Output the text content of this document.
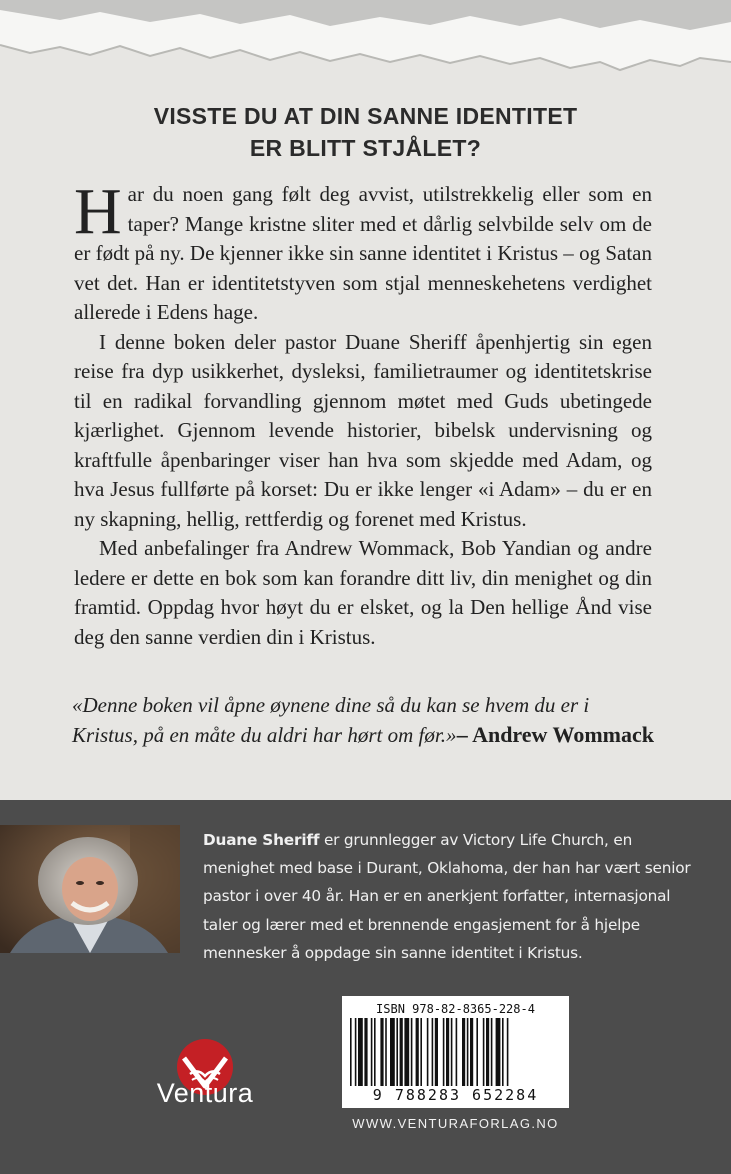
VISSTE DU AT DIN SANNE IDENTITET
ER BLITT STJÅLET?

Har du noen gang følt deg avvist, utilstrekkelig eller som en taper? Mange kristne sliter med et dårlig selvbilde selv om de er født på ny. De kjenner ikke sin sanne identitet i Kristus – og Satan vet det. Han er identitetstyven som stjal menneskehetens verdighet allerede i Edens hage.

I denne boken deler pastor Duane Sheriff åpenhjertig sin egen reise fra dyp usikkerhet, dysleksi, familietraumer og identitetskrise til en radikal forvandling gjennom møtet med Guds ubetingede kjærlighet. Gjennom levende historier, bibelsk undervisning og kraftfulle åpenbaringer viser han hva som skjedde med Adam, og hva Jesus fullførte på korset: Du er ikke lenger «i Adam» – du er en ny skapning, hellig, rettferdig og forenet med Kristus.

Med anbefalinger fra Andrew Wommack, Bob Yandian og andre ledere er dette en bok som kan forandre ditt liv, din menighet og din framtid. Oppdag hvor høyt du er elsket, og la Den hellige Ånd vise deg den sanne verdien din i Kristus.

«Denne boken vil åpne øynene dine så du kan se hvem du er i Kristus, på en måte du aldri har hørt om før.» – Andrew Wommack
Duane Sheriff er grunnlegger av Victory Life Church, en menighet med base i Durant, Oklahoma, der han har vært senior pastor i over 40 år. Han er en anerkjent forfatter, internasjonal taler og lærer med et brennende engasjement for å hjelpe mennesker å oppdage sin sanne identitet i Kristus.
Ventura
ISBN 978-82-8365-228-4
9 788283 652284
WWW.VENTURAFORLAG.NO
